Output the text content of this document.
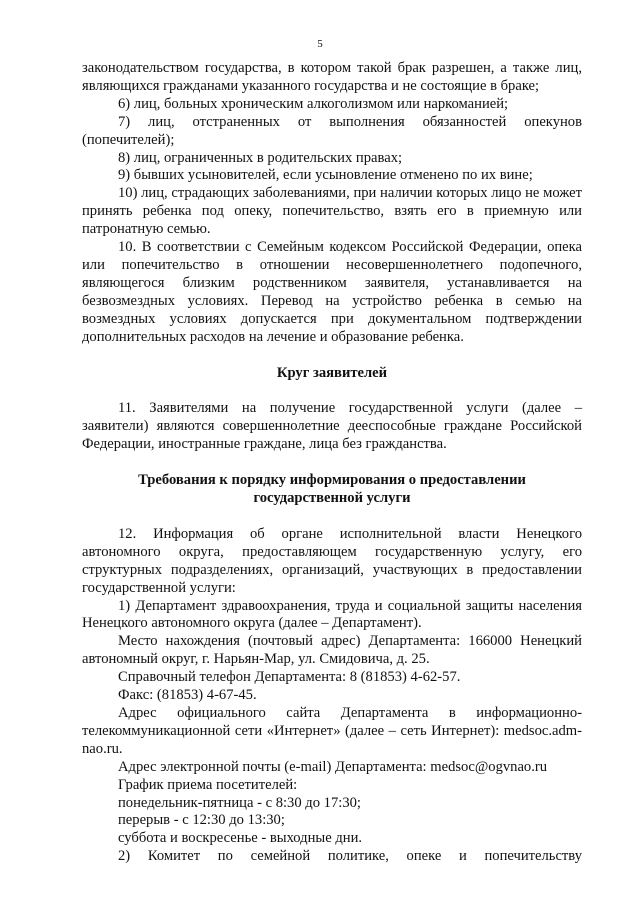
5

законодательством государства, в котором такой брак разрешен, а также лиц, являющихся гражданами указанного государства и не состоящие в браке;

6) лиц, больных хроническим алкоголизмом или наркоманией;

7) лиц, отстраненных от выполнения обязанностей опекунов (попечителей);

8) лиц, ограниченных в родительских правах;

9) бывших усыновителей, если усыновление отменено по их вине;

10) лиц, страдающих заболеваниями, при наличии которых лицо не может принять ребенка под опеку, попечительство, взять его в приемную или патронатную семью.

10. В соответствии с Семейным кодексом Российской Федерации, опека или попечительство в отношении несовершеннолетнего подопечного, являющегося близким родственником заявителя, устанавливается на безвозмездных условиях. Перевод на устройство ребенка в семью на возмездных условиях допускается при документальном подтверждении дополнительных расходов на лечение и образование ребенка.

Круг заявителей

11. Заявителями на получение государственной услуги (далее – заявители) являются совершеннолетние дееспособные граждане Российской Федерации, иностранные граждане, лица без гражданства.

Требования к порядку информирования о предоставлении
государственной услуги

12. Информация об органе исполнительной власти Ненецкого автономного округа, предоставляющем государственную услугу, его структурных подразделениях, организаций, участвующих в предоставлении государственной услуги:

1) Департамент здравоохранения, труда и социальной защиты населения Ненецкого автономного округа (далее – Департамент).

Место нахождения (почтовый адрес) Департамента: 166000 Ненецкий автономный округ, г. Нарьян-Мар, ул. Смидовича, д. 25.

Справочный телефон Департамента: 8 (81853) 4-62-57.

Факс: (81853) 4-67-45.

Адрес официального сайта Департамента в информационно-телекоммуникационной сети «Интернет» (далее – сеть Интернет): medsoc.adm-nao.ru.

Адрес электронной почты (e-mail) Департамента: medsoc@ogvnao.ru

График приема посетителей:

понедельник-пятница - с 8:30 до 17:30;

перерыв - с 12:30 до 13:30;

суббота и воскресенье - выходные дни.

2) Комитет по семейной политике, опеке и попечительству
